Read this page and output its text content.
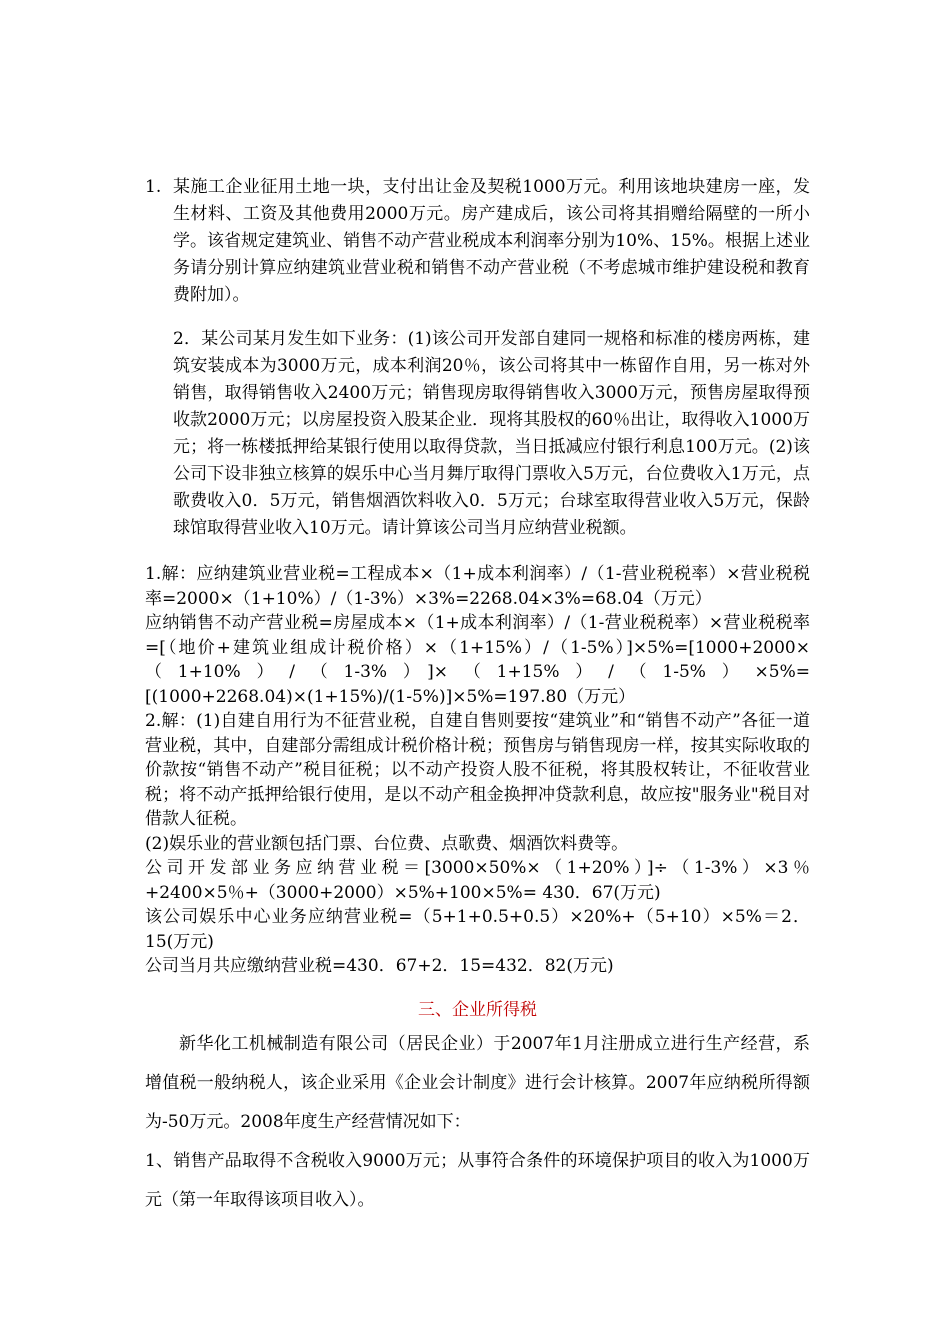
1. 某施工企业征用土地一块，支付出让金及契税1000万元。利用该地块建房一座，发生材料、工资及其他费用2000万元。房产建成后，该公司将其捐赠给隔壁的一所小学。该省规定建筑业、销售不动产营业税成本利润率分别为10%、15%。根据上述业务请分别计算应纳建筑业营业税和销售不动产营业税（不考虑城市维护建设税和教育费附加）。

2．某公司某月发生如下业务：(1)该公司开发部自建同一规格和标准的楼房两栋，建筑安装成本为3000万元，成本利润20％，该公司将其中一栋留作自用，另一栋对外销售，取得销售收入2400万元；销售现房取得销售收入3000万元，预售房屋取得预收款2000万元；以房屋投资入股某企业．现将其股权的60％出让，取得收入1000万元；将一栋楼抵押给某银行使用以取得贷款，当日抵减应付银行利息100万元。(2)该公司下设非独立核算的娱乐中心当月舞厅取得门票收入5万元，台位费收入1万元，点歌费收入0．5万元，销售烟酒饮料收入0．5万元；台球室取得营业收入5万元，保龄球馆取得营业收入10万元。请计算该公司当月应纳营业税额。

1.解：应纳建筑业营业税=工程成本×（1+成本利润率）/（1-营业税税率）×营业税税率=2000×（1+10%）/（1-3%）×3%=2268.04×3%=68.04（万元）

应纳销售不动产营业税=房屋成本×（1+成本利润率）/（1-营业税税率）×营业税税率=[（地价+建筑业组成计税价格）×（1+15%）/（1-5%）]×5%=[1000+2000×（1+10%）/（1-3%）]×（1+15%）/（1-5%）×5%=[(1000+2268.04)×(1+15%)/(1-5%)]×5%=197.80（万元）

2.解：(1)自建自用行为不征营业税，自建自售则要按“建筑业”和“销售不动产”各征一道营业税，其中，自建部分需组成计税价格计税；预售房与销售现房一样，按其实际收取的价款按“销售不动产”税目征税；以不动产投资人股不征税，将其股权转让，不征收营业税；将不动产抵押给银行使用，是以不动产租金换押冲贷款利息，故应按"服务业"税目对借款人征税。

(2)娱乐业的营业额包括门票、台位费、点歌费、烟酒饮料费等。

公司开发部业务应纳营业税＝[3000×50%×（1+20%）]÷（1-3%）×3％+2400×5％+（3000+2000）×5%+100×5%= 430．67(万元)

该公司娱乐中心业务应纳营业税=（5+1+0.5+0.5）×20%+（5+10）×5%＝2．15(万元)

公司当月共应缴纳营业税=430．67+2．15=432．82(万元)

三、企业所得税

新华化工机械制造有限公司（居民企业）于2007年1月注册成立进行生产经营，系增值税一般纳税人，该企业采用《企业会计制度》进行会计核算。2007年应纳税所得额为-50万元。2008年度生产经营情况如下：

1、销售产品取得不含税收入9000万元；从事符合条件的环境保护项目的收入为1000万元（第一年取得该项目收入）。
